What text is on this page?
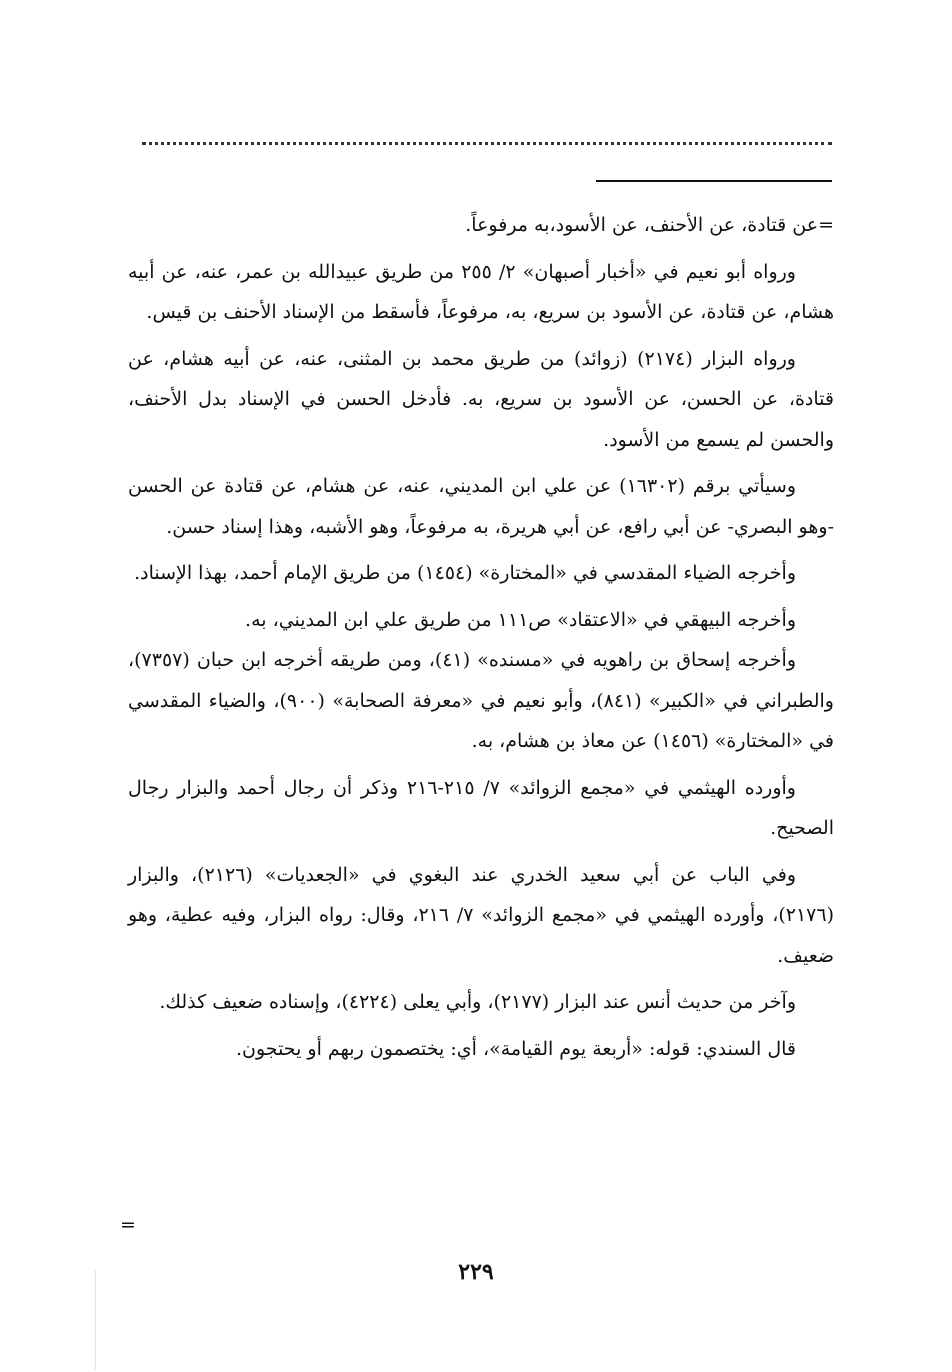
=عن قتادة، عن الأحنف، عن الأسود،به مرفوعاً.

ورواه أبو نعيم في «أخبار أصبهان» ٢/ ٢٥٥ من طريق عبيدالله بن عمر، عنه، عن أبيه هشام، عن قتادة، عن الأسود بن سريع، به، مرفوعاً، فأسقط من الإسناد الأحنف بن قيس.

ورواه البزار (٢١٧٤) (زوائد) من طريق محمد بن المثنى، عنه، عن أبيه هشام، عن قتادة، عن الحسن، عن الأسود بن سريع، به. فأدخل الحسن في الإسناد بدل الأحنف، والحسن لم يسمع من الأسود.

وسيأتي برقم (١٦٣٠٢) عن علي ابن المديني، عنه، عن هشام، عن قتادة عن الحسن -وهو البصري- عن أبي رافع، عن أبي هريرة، به مرفوعاً، وهو الأشبه، وهذا إسناد حسن.

وأخرجه الضياء المقدسي في «المختارة» (١٤٥٤) من طريق الإمام أحمد، بهذا الإسناد.

وأخرجه البيهقي في «الاعتقاد» ص١١١ من طريق علي ابن المديني، به.

وأخرجه إسحاق بن راهويه في «مسنده» (٤١)، ومن طريقه أخرجه ابن حبان (٧٣٥٧)، والطبراني في «الكبير» (٨٤١)، وأبو نعيم في «معرفة الصحابة» (٩٠٠)، والضياء المقدسي في «المختارة» (١٤٥٦) عن معاذ بن هشام، به.

وأورده الهيثمي في «مجمع الزوائد» ٧/ ٢١٥-٢١٦ وذكر أن رجال أحمد والبزار رجال الصحيح.

وفي الباب عن أبي سعيد الخدري عند البغوي في «الجعديات» (٢١٢٦)، والبزار (٢١٧٦)، وأورده الهيثمي في «مجمع الزوائد» ٧/ ٢١٦، وقال: رواه البزار، وفيه عطية، وهو ضعيف.

وآخر من حديث أنس عند البزار (٢١٧٧)، وأبي يعلى (٤٢٢٤)، وإسناده ضعيف كذلك.

قال السندي: قوله: «أربعة يوم القيامة»، أي: يختصمون ربهم أو يحتجون.

=
٢٢٩
